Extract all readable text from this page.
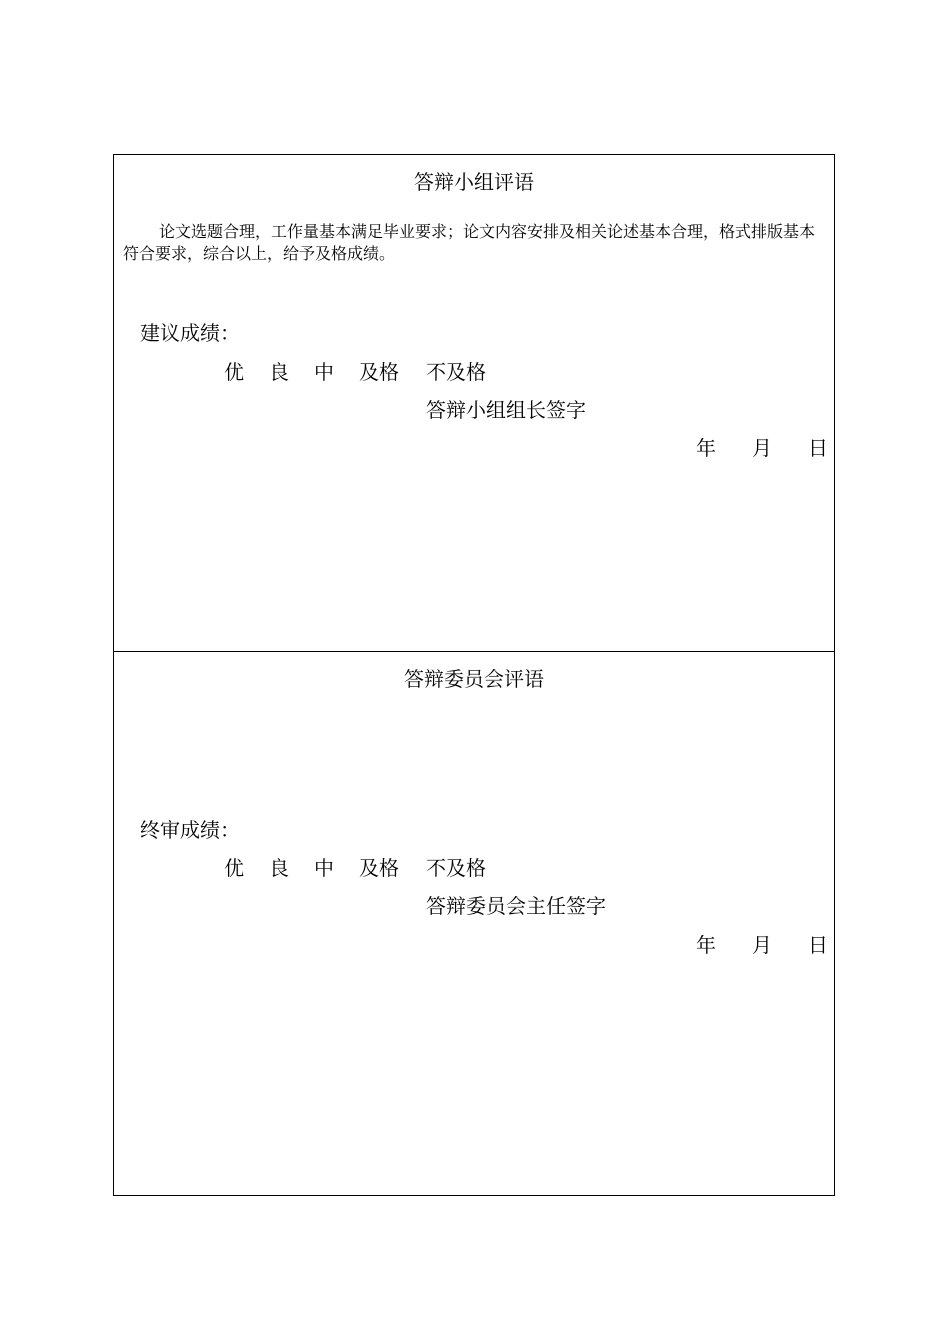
答辩小组评语
论文选题合理，工作量基本满足毕业要求；论文内容安排及相关论述基本合理，格式排版基本符合要求，综合以上，给予及格成绩。
建议成绩：
优 良 中 及格 不及格
答辩小组组长签字
年 月 日
答辩委员会评语
终审成绩：
优 良 中 及格 不及格
答辩委员会主任签字
年 月 日
